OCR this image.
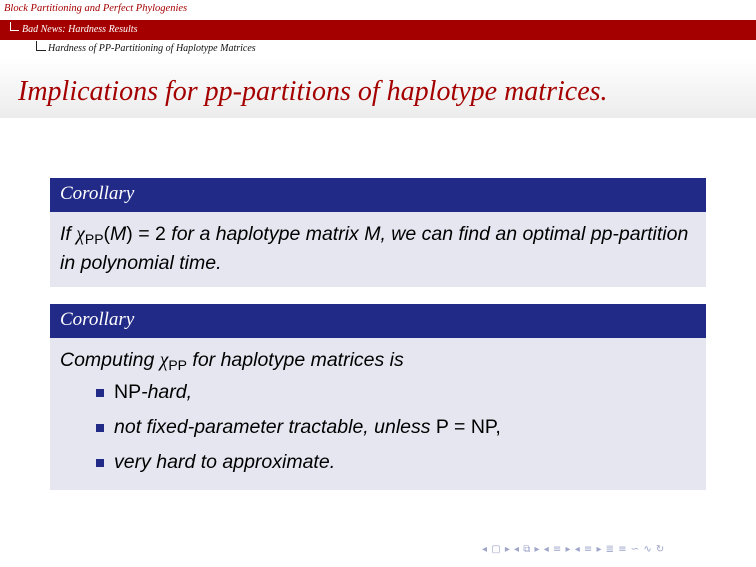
Block Partitioning and Perfect Phylogenies
Bad News: Hardness Results
Hardness of PP-Partitioning of Haplotype Matrices
Implications for pp-partitions of haplotype matrices.
Corollary
If $\chi_{PP}(M) = 2$ for a haplotype matrix M, we can find an optimal pp-partition in polynomial time.
Corollary
Computing $\chi_{PP}$ for haplotype matrices is
NP-hard,
not fixed-parameter tractable, unless P = NP,
very hard to approximate.
◂ ▢ ▸ ◂ ⧉ ▸ ◂ ≡ ▸ ◂ ≡ ▸ ≣ ≡ ∽ ∿ ↻
